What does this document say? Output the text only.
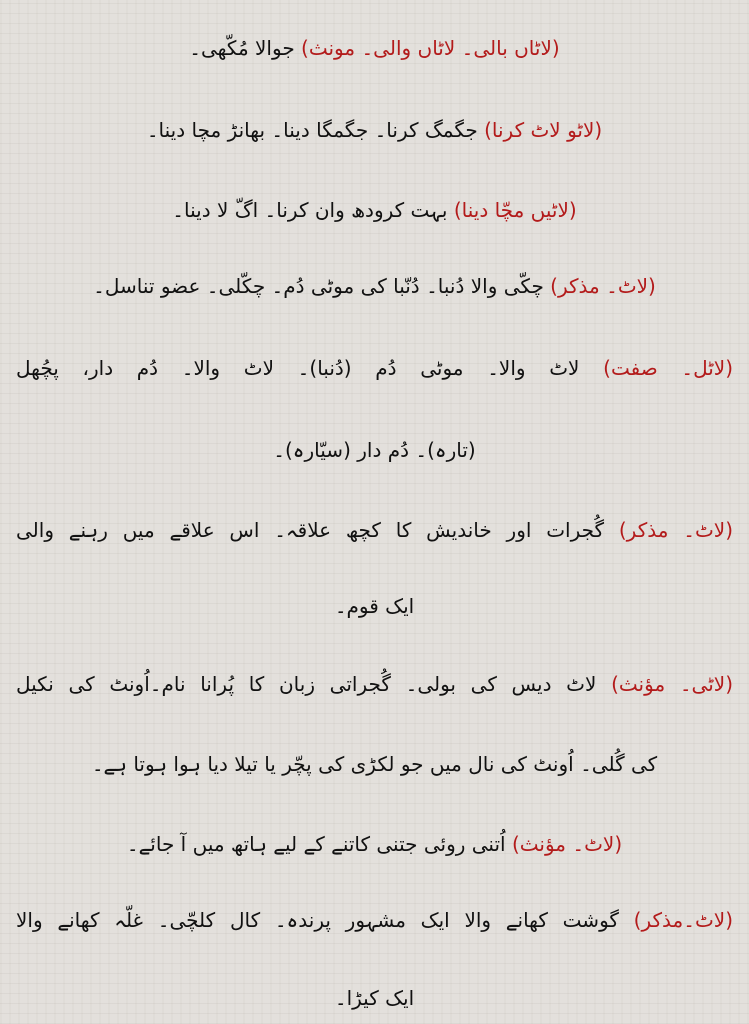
(لاٹاں بالی۔ لاٹاں والی۔ مونث) جوالا مُکّھی۔
(لاٹو لاٹ کرنا) جگمگ کرنا۔ جگمگا دینا۔ بھانڑ مچا دینا۔
(لاٹیں مچّا دینا) بہت کرودھ وان کرنا۔ اگّ لا دینا۔
(لاٹ۔ مذکر) چکّی والا دُنبا۔ دُنّبا کی موٹی دُم۔ چکّلی۔ عضو تناسل۔
(لاٹل۔ صفت) لاٹ والا۔ موٹی دُم (دُنبا)۔ لاٹ والا۔ دُم دار، پچُھل
(تارہ)۔ دُم دار (سیّارہ)۔
(لاٹ۔ مذکر) گُجرات اور خاندیش کا کچھ علاقہ۔ اس علاقے میں رہنے والی
ایک قوم۔
(لاٹی۔ مؤنث) لاٹ دیس کی بولی۔ گُجراتی زبان کا پُرانا نام۔اُونٹ کی نکیل
کی گُلی۔ اُونٹ کی نال میں جو لکڑی کی پچّر یا تیلا دیا ہوا ہوتا ہے۔
(لاٹ۔ مؤنث) اُتنی روئی جتنی کاتنے کے لیے ہاتھ میں آ جائے۔
(لاٹ۔مذکر) گوشت کھانے والا ایک مشہور پرندہ۔ کال کلچّی۔ غلّہ کھانے والا
ایک کیڑا۔
